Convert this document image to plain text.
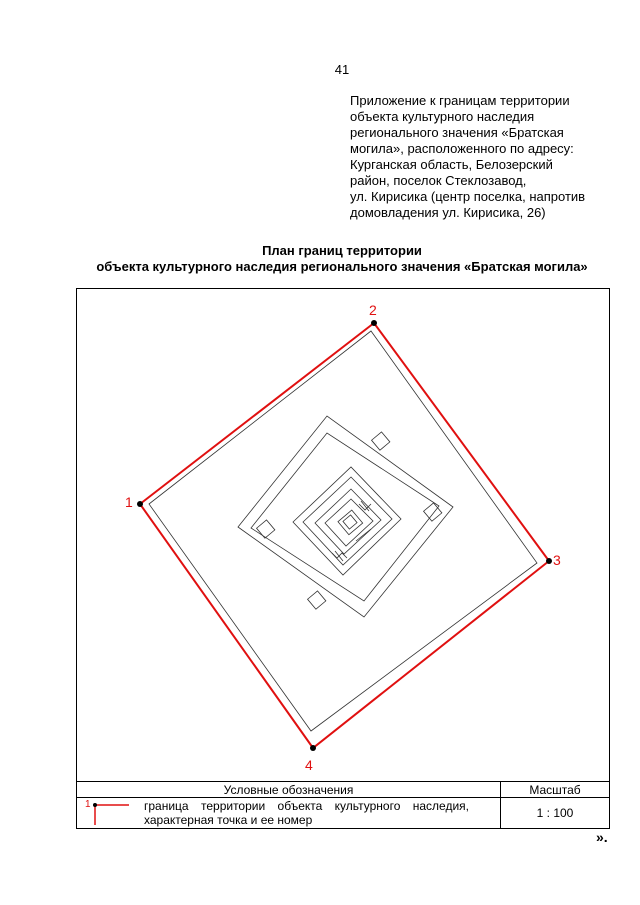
41
Приложение к границам территории
объекта культурного наследия
регионального значения «Братская
могила», расположенного по адресу:
Курганская область, Белозерский
район, поселок Стеклозавод,
ул. Кирисика (центр поселка, напротив
домовладения ул. Кирисика, 26)
План границ территории
объекта культурного наследия регионального значения «Братская могила»
1
2
3
4
Условные обозначения	Масштаб

1 граница территории объекта культурного наследия, характерная точка и ее номер	1 : 100
».
